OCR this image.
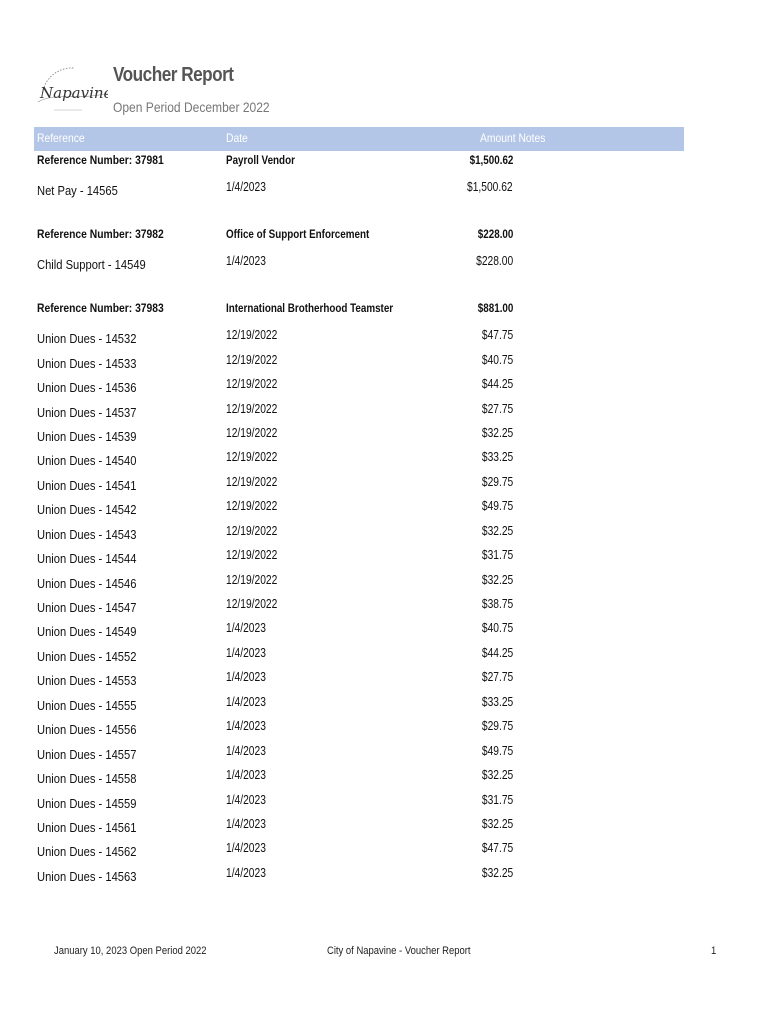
Napavine
Voucher Report
Open Period December 2022
Reference	Date	Amount Notes
Reference Number: 37981	Payroll Vendor	$1,500.62
Net Pay - 14565	1/4/2023	$1,500.62
Reference Number: 37982	Office of Support Enforcement	$228.00
Child Support - 14549	1/4/2023	$228.00
Reference Number: 37983	International Brotherhood Teamster	$881.00
Union Dues - 14532	12/19/2022	$47.75
Union Dues - 14533	12/19/2022	$40.75
Union Dues - 14536	12/19/2022	$44.25
Union Dues - 14537	12/19/2022	$27.75
Union Dues - 14539	12/19/2022	$32.25
Union Dues - 14540	12/19/2022	$33.25
Union Dues - 14541	12/19/2022	$29.75
Union Dues - 14542	12/19/2022	$49.75
Union Dues - 14543	12/19/2022	$32.25
Union Dues - 14544	12/19/2022	$31.75
Union Dues - 14546	12/19/2022	$32.25
Union Dues - 14547	12/19/2022	$38.75
Union Dues - 14549	1/4/2023	$40.75
Union Dues - 14552	1/4/2023	$44.25
Union Dues - 14553	1/4/2023	$27.75
Union Dues - 14555	1/4/2023	$33.25
Union Dues - 14556	1/4/2023	$29.75
Union Dues - 14557	1/4/2023	$49.75
Union Dues - 14558	1/4/2023	$32.25
Union Dues - 14559	1/4/2023	$31.75
Union Dues - 14561	1/4/2023	$32.25
Union Dues - 14562	1/4/2023	$47.75
Union Dues - 14563	1/4/2023	$32.25
January 10, 2023 Open Period 2022	City of Napavine - Voucher Report	1
